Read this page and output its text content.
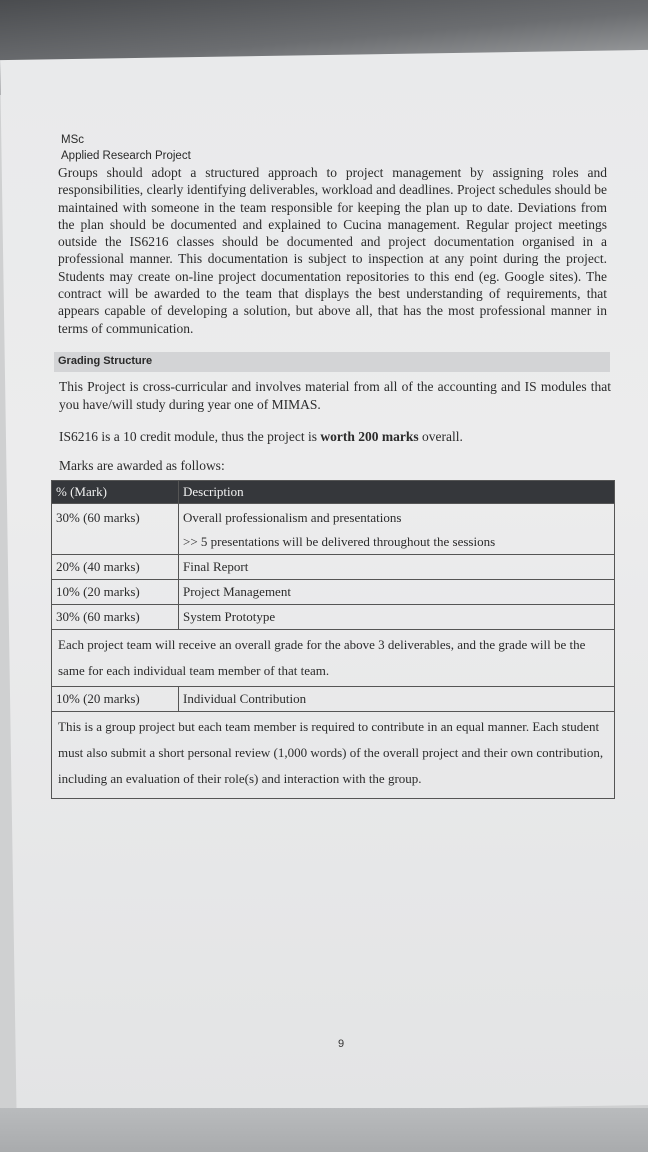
MSc
Applied Research Project
Groups should adopt a structured approach to project management by assigning roles and responsibilities, clearly identifying deliverables, workload and deadlines. Project schedules should be maintained with someone in the team responsible for keeping the plan up to date. Deviations from the plan should be documented and explained to Cucina management. Regular project meetings outside the IS6216 classes should be documented and project documentation organised in a professional manner. This documentation is subject to inspection at any point during the project. Students may create on-line project documentation repositories to this end (eg. Google sites). The contract will be awarded to the team that displays the best understanding of requirements, that appears capable of developing a solution, but above all, that has the most professional manner in terms of communication.
Grading Structure
This Project is cross-curricular and involves material from all of the accounting and IS modules that you have/will study during year one of MIMAS.
IS6216 is a 10 credit module, thus the project is worth 200 marks overall.
Marks are awarded as follows:
% (Mark)	Description
30% (60 marks)	Overall professionalism and presentations
>> 5 presentations will be delivered throughout the sessions

20% (40 marks)	Final Report
10% (20 marks)	Project Management
30% (60 marks)	System Prototype
Each project team will receive an overall grade for the above 3 deliverables, and the grade will be the same for each individual team member of that team.	
10% (20 marks)	Individual Contribution
This is a group project but each team member is required to contribute in an equal manner. Each student must also submit a short personal review (1,000 words) of the overall project and their own contribution, including an evaluation of their role(s) and interaction with the group.	
9
